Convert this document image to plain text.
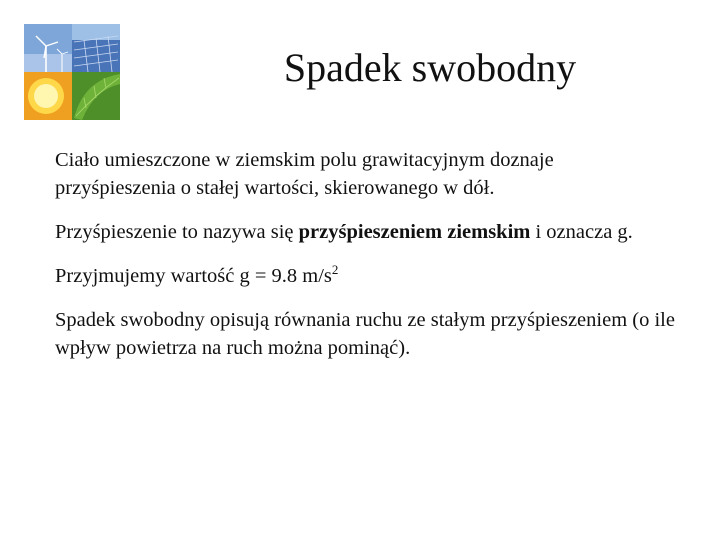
Spadek swobodny

Ciało umieszczone w ziemskim polu grawitacyjnym doznaje przyśpieszenia o stałej wartości, skierowanego w dół.

Przyśpieszenie to nazywa się przyśpieszeniem ziemskim i oznacza g.

Przyjmujemy wartość g = 9.8 $m/s^2$

Spadek swobodny opisują równania ruchu ze stałym przyśpieszeniem (o ile wpływ powietrza na ruch można pominąć).
